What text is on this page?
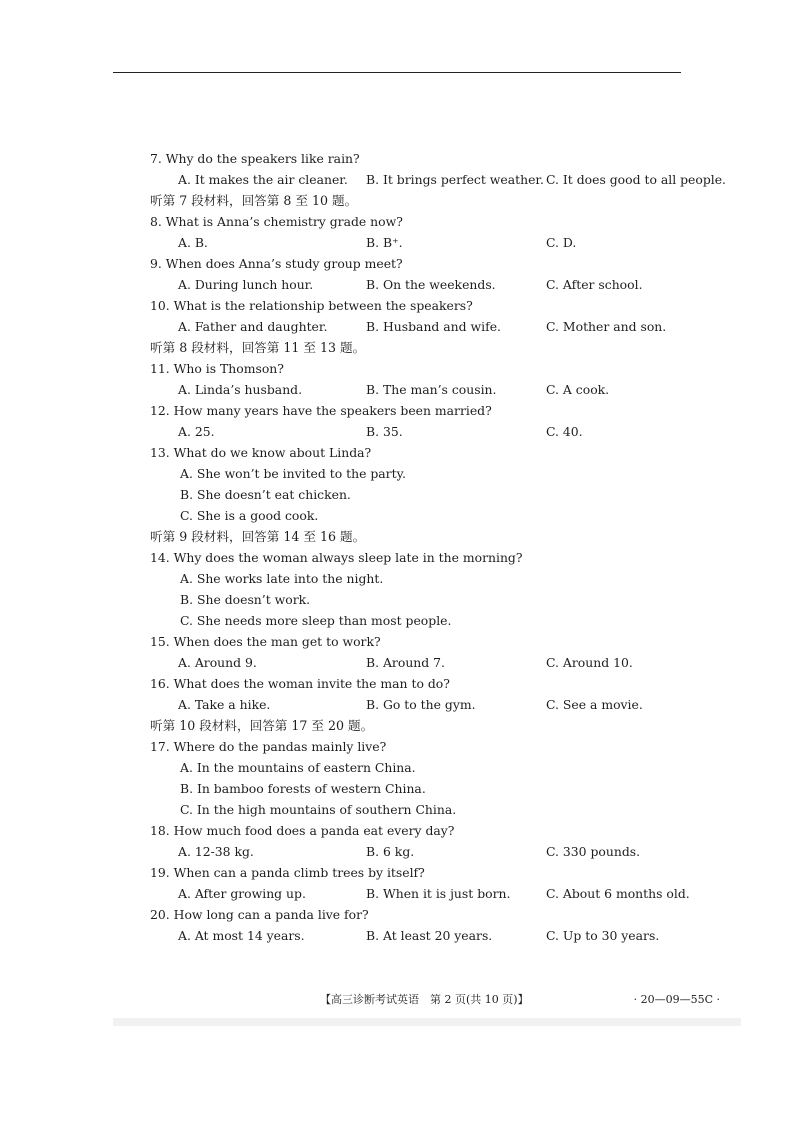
7. Why do the speakers like rain?
A. It makes the air cleaner.	B. It brings perfect weather. C. It does good to all people.
听第 7 段材料，回答第 8 至 10 题。
8. What is Anna’s chemistry grade now?
A. B.	B. B⁺.	C. D.
9. When does Anna’s study group meet?
A. During lunch hour.	B. On the weekends.	C. After school.
10. What is the relationship between the speakers?
A. Father and daughter.	B. Husband and wife.	C. Mother and son.
听第 8 段材料，回答第 11 至 13 题。
11. Who is Thomson?
A. Linda’s husband.	B. The man’s cousin.	C. A cook.
12. How many years have the speakers been married?
A. 25.	B. 35.	C. 40.
13. What do we know about Linda?
A. She won’t be invited to the party.
B. She doesn’t eat chicken.
C. She is a good cook.
听第 9 段材料，回答第 14 至 16 题。
14. Why does the woman always sleep late in the morning?
A. She works late into the night.
B. She doesn’t work.
C. She needs more sleep than most people.
15. When does the man get to work?
A. Around 9.	B. Around 7.	C. Around 10.
16. What does the woman invite the man to do?
A. Take a hike.	B. Go to the gym.	C. See a movie.
听第 10 段材料，回答第 17 至 20 题。
17. Where do the pandas mainly live?
A. In the mountains of eastern China.
B. In bamboo forests of western China.
C. In the high mountains of southern China.
18. How much food does a panda eat every day?
A. 12-38 kg.	B. 6 kg.	C. 330 pounds.
19. When can a panda climb trees by itself?
A. After growing up.	B. When it is just born.	C. About 6 months old.
20. How long can a panda live for?
A. At most 14 years.	B. At least 20 years.	C. Up to 30 years.
【高三诊断考试英语　第 2 页(共 10 页)】	· 20—09—55C ·
